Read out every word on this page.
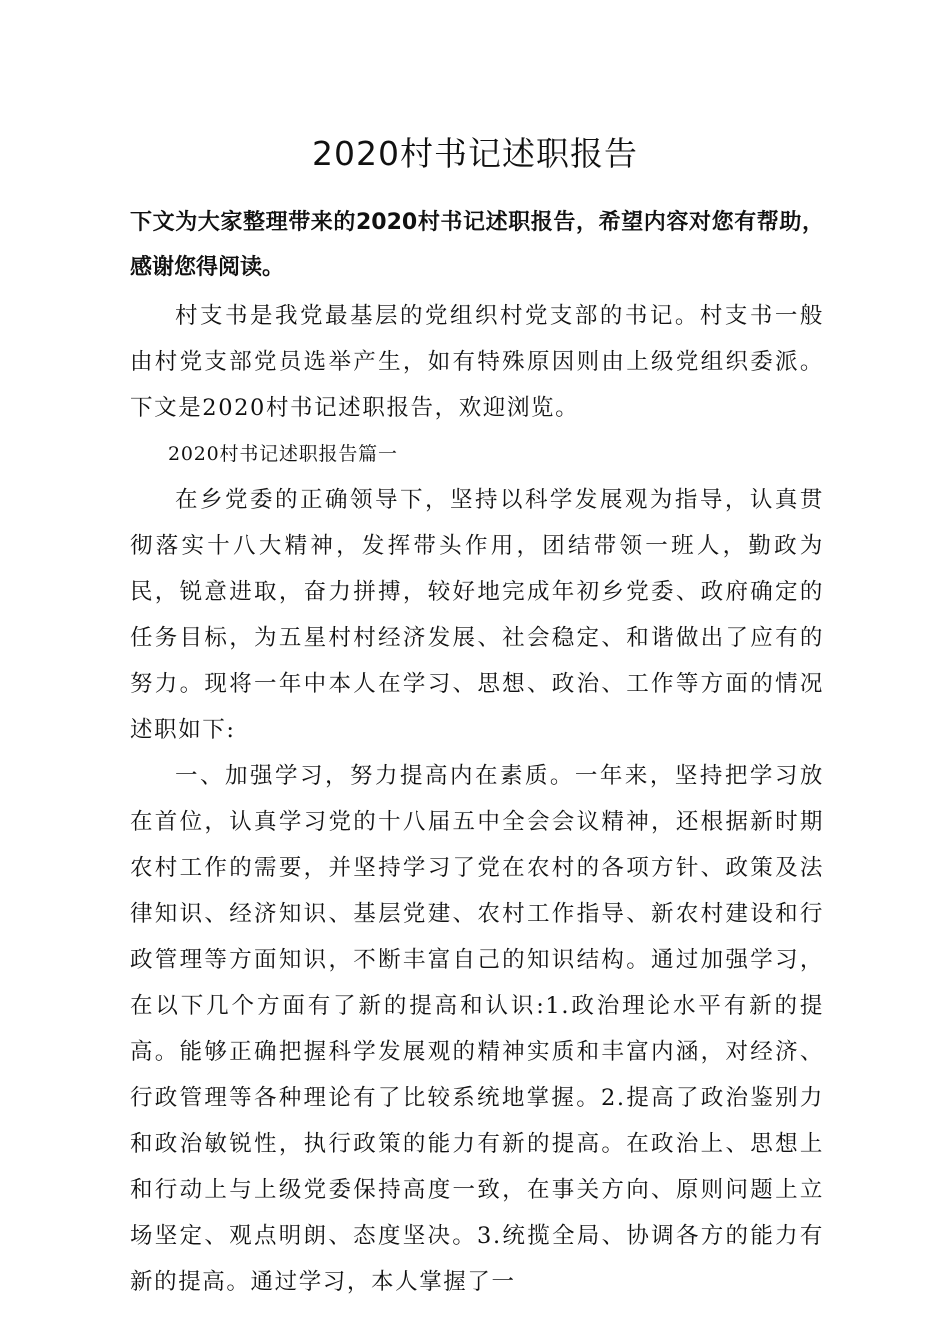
2020村书记述职报告

下文为大家整理带来的2020村书记述职报告，希望内容对您有帮助，感谢您得阅读。

村支书是我党最基层的党组织村党支部的书记。村支书一般由村党支部党员选举产生，如有特殊原因则由上级党组织委派。下文是2020村书记述职报告，欢迎浏览。

2020村书记述职报告篇一

在乡党委的正确领导下，坚持以科学发展观为指导，认真贯彻落实十八大精神，发挥带头作用，团结带领一班人，勤政为民，锐意进取，奋力拼搏，较好地完成年初乡党委、政府确定的任务目标，为五星村村经济发展、社会稳定、和谐做出了应有的努力。现将一年中本人在学习、思想、政治、工作等方面的情况述职如下:

一、加强学习，努力提高内在素质。一年来，坚持把学习放在首位，认真学习党的十八届五中全会会议精神，还根据新时期农村工作的需要，并坚持学习了党在农村的各项方针、政策及法律知识、经济知识、基层党建、农村工作指导、新农村建设和行政管理等方面知识，不断丰富自己的知识结构。通过加强学习，在以下几个方面有了新的提高和认识:1.政治理论水平有新的提高。能够正确把握科学发展观的精神实质和丰富内涵，对经济、行政管理等各种理论有了比较系统地掌握。2.提高了政治鉴别力和政治敏锐性，执行政策的能力有新的提高。在政治上、思想上和行动上与上级党委保持高度一致，在事关方向、原则问题上立场坚定、观点明朗、态度坚决。3.统揽全局、协调各方的能力有新的提高。通过学习，本人掌握了一
